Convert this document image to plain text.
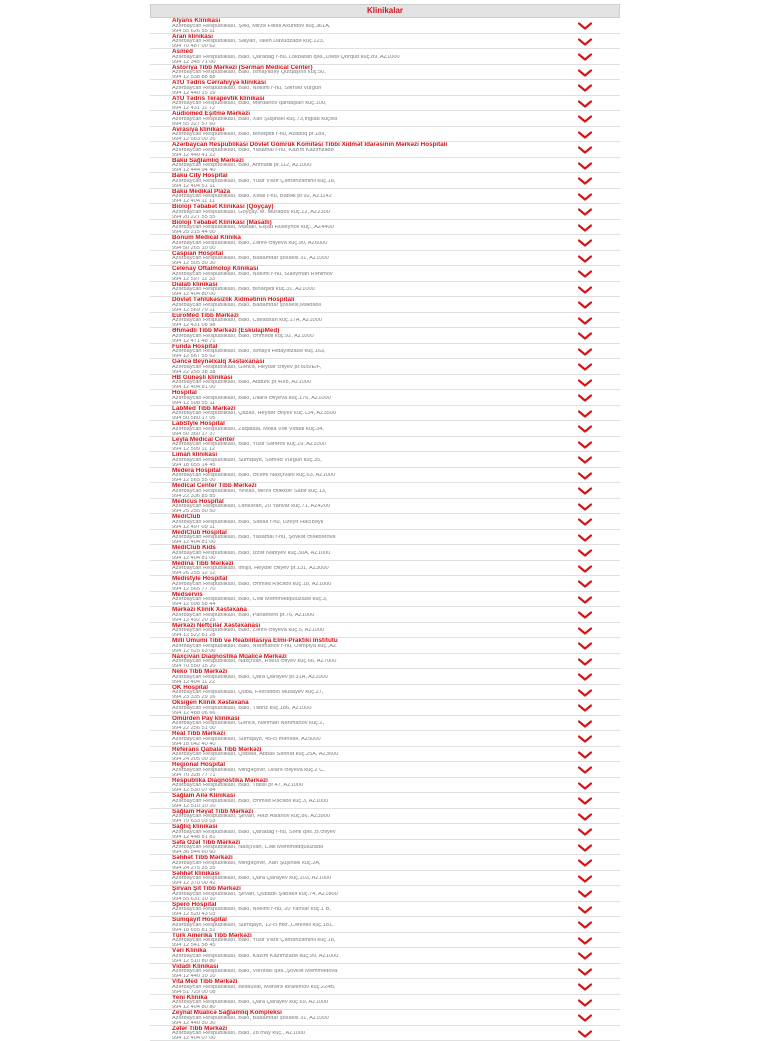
Klinikalar
Alyans Klinikası
Azərbaycan Respublikası, Şəki, Mirzə Fətəli Axundov küç.361A,
994 55 626 55 11
Aran klinikası
Azərbaycan Respublikası, Salyan, Taleh Davudzadə küç.123,
994 70 487 00 62
Asmed
Azərbaycan Respublikası, Bakı, Qaradağ r-nu, Lökbatan qəs.,Dədə Qorqud küç.89, AZ1000
994 12 345 71 00
Astoriya Tibb Mərkəzi (Sərman Medical Center)
Azərbaycan Respublikası, Bakı, İsmayılbəy Qutqaşınlı küç.50,
994 12 538 88 88
ATU Tədris Cərrahiyyə klinikası
Azərbaycan Respublikası, Bakı, Nəsimi r-nu, Səməd Vurğun
994 12 440 15 19
ATU Tədris Terapevtik klinikası
Azərbaycan Respublikası, Bakı, Mərdanov qardaşları küç.100,
994 12 431 11 72
Audiomed Eşitmə Mərkəzi
Azərbaycan Respublikası, Bakı, Xan Şuşinski küç.73,İnglab küçəsi
994 55 327 57 60
Avrasiya klinikası
Azərbaycan Respublikası, Bakı, Binəqədi r-nu, Azadlıq pr.189,
994 12 563 00 26
Azərbaycan Respublikası Dövlət Gömrük Komitəsi Tibbi Xidmət İdarəsinin Mərkəzi Hospitalı
Azərbaycan Respublikası, Bakı, Yasamal r-nu, Kazım Kazımzadə
994 12 440 41 22
Baku Sağlamlıq Mərkəzi
Azərbaycan Respublikası, Bakı, Ahmadli pr.112, AZ1000
994 12 444 94 40
Baku City Hospital
Azərbaycan Respublikası, Bakı, Yusif Vəzir Çəmənzəminli küç.18,
994 12 404 51 11
Baku Medikal Plaza
Azərbaycan Respublikası, Bakı, Xətai r-nu, Babək pr.92, AZ1142
994 12 404 11 11
Bioloji Təbabət Klinikası (Qoyçay)
Azərbaycan Respublikası, Göyçay, M. Muradov küç.12, AZ2300
994 20 227 55 55
Bioloji Təbabət Klinikası (Masallı)
Azərbaycan Respublikası, Masallı, Elşad Hüseynov küç., AZ4400
994 25 215 44 00
Bonum Medical Klinika
Azərbaycan Respublikası, Bakı, Zərifə Əliyeva küç.90, AZ6000
994 50 265 10 00
Caspian Hospital
Azərbaycan Respublikası, Bakı, Badamdar şossesi 31, AZ1000
994 12 505 30 30
Celenay Oftalmoloji Klinikası
Azərbaycan Respublikası, Bakı, Nəsimi r-nu, Süleyman Rəhimov
994 12 597 11 33
Dialab klinikası
Azərbaycan Respublikası, Bakı, Binəqədi küç.31, AZ1000
994 12 404 80 00
Dövlət Təhlükəsizlik Xidmətinin Hospitalı
Azərbaycan Respublikası, Bakı, Badamdar şossesi,Məktəbli
994 12 569 79 11
EuroMed Tibb Mərkəzi
Azərbaycan Respublikası, Bakı, Cavadxan küç.17A, AZ1000
994 12 431 08 98
Əhmədli Tibb Mərkəzi (EskulapMed)
Azərbaycan Respublikası, Bakı, Əhmədli küç.92, AZ1000
994 12 471 48 71
Funda Hospital
Azərbaycan Respublikası, Bakı, İsmayıl Hidayətzadə küç.163,
994 12 567 55 62
Gəncə Beynəlxalq Xəstəxanası
Azərbaycan Respublikası, Gəncə, Heydər Əliyev pr.605/E/F,
994 22 255 38 38
HB Günəşli klinikası
Azərbaycan Respublikası, Bakı, Atatürk pr.40/8, AZ1000
994 12 404 81 00
Hospital
Azərbaycan Respublikası, Bakı, Dilarə Əliyeva küç.176, AZ1000
994 12 598 55 11
LabMed Tibb Mərkəzi
Azərbaycan Respublikası, Qazax, Heydər Əliyev küç.134, AZ3500
994 50 580 17 05
LabStyle Hospital
Azərbaycan Respublikası, Zaqatala, Molla Vəli Vidadi küç.34,
994 50 360 17 37
Leyla Medical Center
Azərbaycan Respublikası, Bakı, Yusif Səfərov küç.19, AZ1000
994 12 599 11 12
Liman klinikası
Azərbaycan Respublikası, Sumqayıt, Səməd Vurğun küç.35,
994 18 655 14 45
Medera Hospital
Azərbaycan Respublikası, Bakı, Əcəmi Naxçıvani küç.63, AZ1000
994 12 565 55 00
Medical Center Tibb Mərkəzi
Azərbaycan Respublikası, Yevlax, Mirzə Ələkbər Sabir küç.13,
994 22 336 85 85
Medicus Hospital
Azərbaycan Respublikası, Lənkəran, 20 Yanvar küç.71, AZ4200
994 25 255 50 50
MediClub
Azərbaycan Respublikası, Bakı, Səbail r-nu, Üzeyir Hacıbəyli
994 12 497 09 11
MediClub Hospital
Azərbaycan Respublikası, Bakı, Yasamal r-nu, Şövkət Ələkbərova
994 12 404 81 00
MediClub Kids
Azərbaycan Respublikası, Bakı, İzzət Nəbiyev küç.30A, AZ1000
994 12 404 81 00
Medina Tibb Mərkəzi
Azərbaycan Respublikası, İmişli, Heydər Əliyev pr.131, AZ3000
994 26 255 12 12
Medistyle Hospital
Azərbaycan Respublikası, Bakı, Əhməd Rəcəbli küç.18, AZ1000
994 12 565 77 70
Medservis
Azərbaycan Respublikası, Bakı, Cəlil Məmmədquluzadə küç.3,
994 12 598 58 44
Mərkəzi Klinik Xəstəxana
Azərbaycan Respublikası, Bakı, Parlament pr.76, AZ1000
994 12 492 20 25
Mərkəzi Neftçilər Xəstəxanası
Azərbaycan Respublikası, Bakı, Zərifə Əliyeva küç.5, AZ1000
994 12 522 81 28
Milli Ümumi Tibb və Reabilitasiya Elmi-Praktiki İnstitutu
Azərbaycan Respublikası, Bakı, Nərimanov r-nu, Olimpiya küç.,AZ
994 12 525 63 00
Naxçıvan Diaqnostika Müalicə Mərkəzi
Azərbaycan Respublikası, Naxçıvan, Rəsul Əliyev küç.66, AZ7000
994 70 550 15 20
Neko Tibb Mərkəzi
Azərbaycan Respublikası, Bakı, Qara Qarayev pr.31A, AZ1000
994 12 404 11 22
OK Hospital
Azərbaycan Respublikası, Quba, Fəxrəddin Musayev küç.27,
994 23 335 29 16
Oksigen Klinik Xəstəxana
Azərbaycan Respublikası, Bakı, Təbriz küç.186, AZ1000
994 12 488 06 66
Ömürden Pay klinikası
Azərbaycan Respublikası, Gəncə, Nəriman Nərimanov küç.2,
994 22 256 51 00
Real Tibb Mərkəzi
Azərbaycan Respublikası, Sumqayıt, 45-ci məhəllə, AZ5000
994 18 642 40 40
Referans Qabala Tibb Mərkəzi
Azərbaycan Respublikası, Qəbələ, Abbas Səhhət küç.25A, AZ3600
994 24 205 00 20
Regional Hospital
Azərbaycan Respublikası, Mingəçevir, Dilarə Əliyeva küç.2 C,
994 70 328 77 71
Respublika Diaqnostika Mərkəzi
Azərbaycan Respublikası, Bakı, Tbilisi pr.47, AZ1000
994 12 530 07 84
Sağlam Ailə Klinikası
Azərbaycan Respublikası, Bakı, Əhməd Rəcəbli küç.3, AZ1000
994 12 510 10 10
Sağlam Həyat Tibb Mərkəzi
Azərbaycan Respublikası, Şirvan, Həzi Aslanov küç.86, AZ3900
994 70 633 03 03
Sağlıq klinikası
Azərbaycan Respublikası, Bakı, Qaradağ r-nu, Səhil qəs.,B.Əliyev
994 12 448 81 81
Səfa Özəl Tibb Mərkəzi
Azərbaycan Respublikası, Naxçıvan, Cəlil Məmmədquluzadə
994 36 544 60 60
Səhhət Tibb Mərkəzi
Azərbaycan Respublikası, Mingəçevir, Xan Şuşinski küç.2A,
994 24 275 35 35
Səhhət klinikası
Azərbaycan Respublikası, Bakı, Qara Qarayev küç.103, AZ1000
994 12 370 00 42
Şirvan Şit Tibb Mərkəzi
Azərbaycan Respublikası, Şirvan, Qubadlı Şəbəkə küç.74, AZ1800
994 55 631 10 10
Spero Hospital
Azərbaycan Respublikası, Bakı, Nəsimi r-nu, 20 Yanvar küç.1 B,
994 12 520 43 03
Sumqayıt Hospital
Azərbaycan Respublikası, Sumqayıt, 12-ci mkr.,Cərkəsli küç.181,
994 18 655 81 51
Türk Amerika Tibb Mərkəzi
Azərbaycan Respublikası, Bakı, Yusif Vəzir Çəmənzəminli küç.18,
994 12 541 58 45
Vəri Klinika
Azərbaycan Respublikası, Bakı, Kazım Kazımzadə küç.99, AZ1000
994 12 510 80 80
Vidadi Klinikası
Azərbaycan Respublikası, Bakı, Vorotskı qəs.,Şövkət Məmmədova
994 12 440 10 10
Vita Med Tibb Mərkəzi
Azərbaycan Respublikası, Biləsuvar, Məhərə İbrahimov küç.224B,
994 51 729 00 08
Yeni Klinika
Azərbaycan Respublikası, Bakı, Qara Qarayev küç.69, AZ1000
994 12 404 80 80
Zeynal Müalicə Sağlamlıq Kompleksi
Azərbaycan Respublikası, Bakı, Badamdar şossesi 31, AZ1000
994 12 440 30 30
Zəfər Tibb Mərkəzi
Azərbaycan Respublikası, Bakı, 28 may küç., AZ1000
994 12 404 07 00
